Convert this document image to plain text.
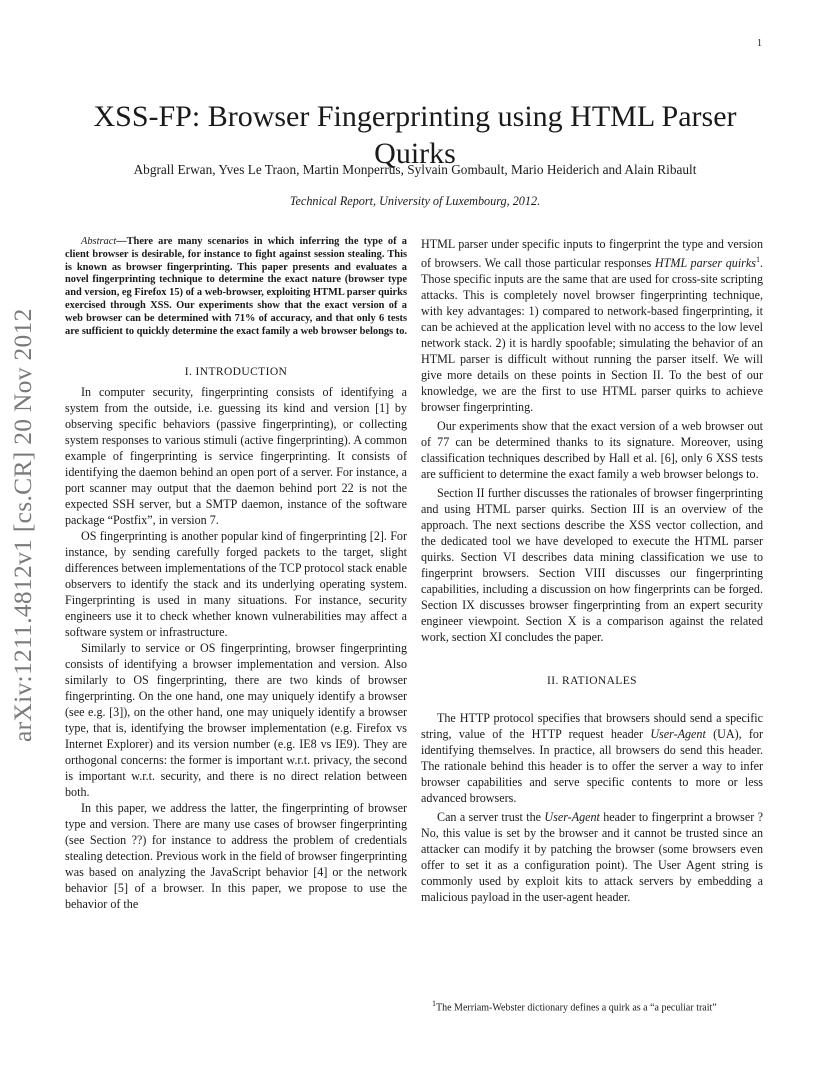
1
arXiv:1211.4812v1 [cs.CR] 20 Nov 2012
XSS-FP: Browser Fingerprinting using HTML Parser Quirks
Abgrall Erwan, Yves Le Traon, Martin Monperrus, Sylvain Gombault, Mario Heiderich and Alain Ribault
Technical Report, University of Luxembourg, 2012.

Abstract—There are many scenarios in which inferring the type of a client browser is desirable, for instance to fight against session stealing. This is known as browser fingerprinting. This paper presents and evaluates a novel fingerprinting technique to determine the exact nature (browser type and version, eg Firefox 15) of a web-browser, exploiting HTML parser quirks exercised through XSS. Our experiments show that the exact version of a web browser can be determined with 71% of accuracy, and that only 6 tests are sufficient to quickly determine the exact family a web browser belongs to.

I. INTRODUCTION

In computer security, fingerprinting consists of identifying a system from the outside, i.e. guessing its kind and version [1] by observing specific behaviors (passive fingerprinting), or collecting system responses to various stimuli (active fingerprinting). A common example of fingerprinting is service fingerprinting. It consists of identifying the daemon behind an open port of a server. For instance, a port scanner may output that the daemon behind port 22 is not the expected SSH server, but a SMTP daemon, instance of the software package “Postfix”, in version 7.

OS fingerprinting is another popular kind of fingerprinting [2]. For instance, by sending carefully forged packets to the target, slight differences between implementations of the TCP protocol stack enable observers to identify the stack and its underlying operating system. Fingerprinting is used in many situations. For instance, security engineers use it to check whether known vulnerabilities may affect a software system or infrastructure.

Similarly to service or OS fingerprinting, browser fingerprinting consists of identifying a browser implementation and version. Also similarly to OS fingerprinting, there are two kinds of browser fingerprinting. On the one hand, one may uniquely identify a browser (see e.g. [3]), on the other hand, one may uniquely identify a browser type, that is, identifying the browser implementation (e.g. Firefox vs Internet Explorer) and its version number (e.g. IE8 vs IE9). They are orthogonal concerns: the former is important w.r.t. privacy, the second is important w.r.t. security, and there is no direct relation between both.

In this paper, we address the latter, the fingerprinting of browser type and version. There are many use cases of browser fingerprinting (see Section ??) for instance to address the problem of credentials stealing detection. Previous work in the field of browser fingerprinting was based on analyzing the JavaScript behavior [4] or the network behavior [5] of a browser. In this paper, we propose to use the behavior of the

HTML parser under specific inputs to fingerprint the type and version of browsers. We call those particular responses HTML parser quirks$^1$. Those specific inputs are the same that are used for cross-site scripting attacks. This is completely novel browser fingerprinting technique, with key advantages: 1) compared to network-based fingerprinting, it can be achieved at the application level with no access to the low level network stack. 2) it is hardly spoofable; simulating the behavior of an HTML parser is difficult without running the parser itself. We will give more details on these points in Section II. To the best of our knowledge, we are the first to use HTML parser quirks to achieve browser fingerprinting.

Our experiments show that the exact version of a web browser out of 77 can be determined thanks to its signature. Moreover, using classification techniques described by Hall et al. [6], only 6 XSS tests are sufficient to determine the exact family a web browser belongs to.

Section II further discusses the rationales of browser fingerprinting and using HTML parser quirks. Section III is an overview of the approach. The next sections describe the XSS vector collection, and the dedicated tool we have developed to execute the HTML parser quirks. Section VI describes data mining classification we use to fingerprint browsers. Section VIII discusses our fingerprinting capabilities, including a discussion on how fingerprints can be forged. Section IX discusses browser fingerprinting from an expert security engineer viewpoint. Section X is a comparison against the related work, section XI concludes the paper.

II. RATIONALES

The HTTP protocol specifies that browsers should send a specific string, value of the HTTP request header User-Agent (UA), for identifying themselves. In practice, all browsers do send this header. The rationale behind this header is to offer the server a way to infer browser capabilities and serve specific contents to more or less advanced browsers.

Can a server trust the User-Agent header to fingerprint a browser ? No, this value is set by the browser and it cannot be trusted since an attacker can modify it by patching the browser (some browsers even offer to set it as a configuration point). The User Agent string is commonly used by exploit kits to attack servers by embedding a malicious payload in the user-agent header.

$^1$The Merriam-Webster dictionary defines a quirk as a “a peculiar trait”
